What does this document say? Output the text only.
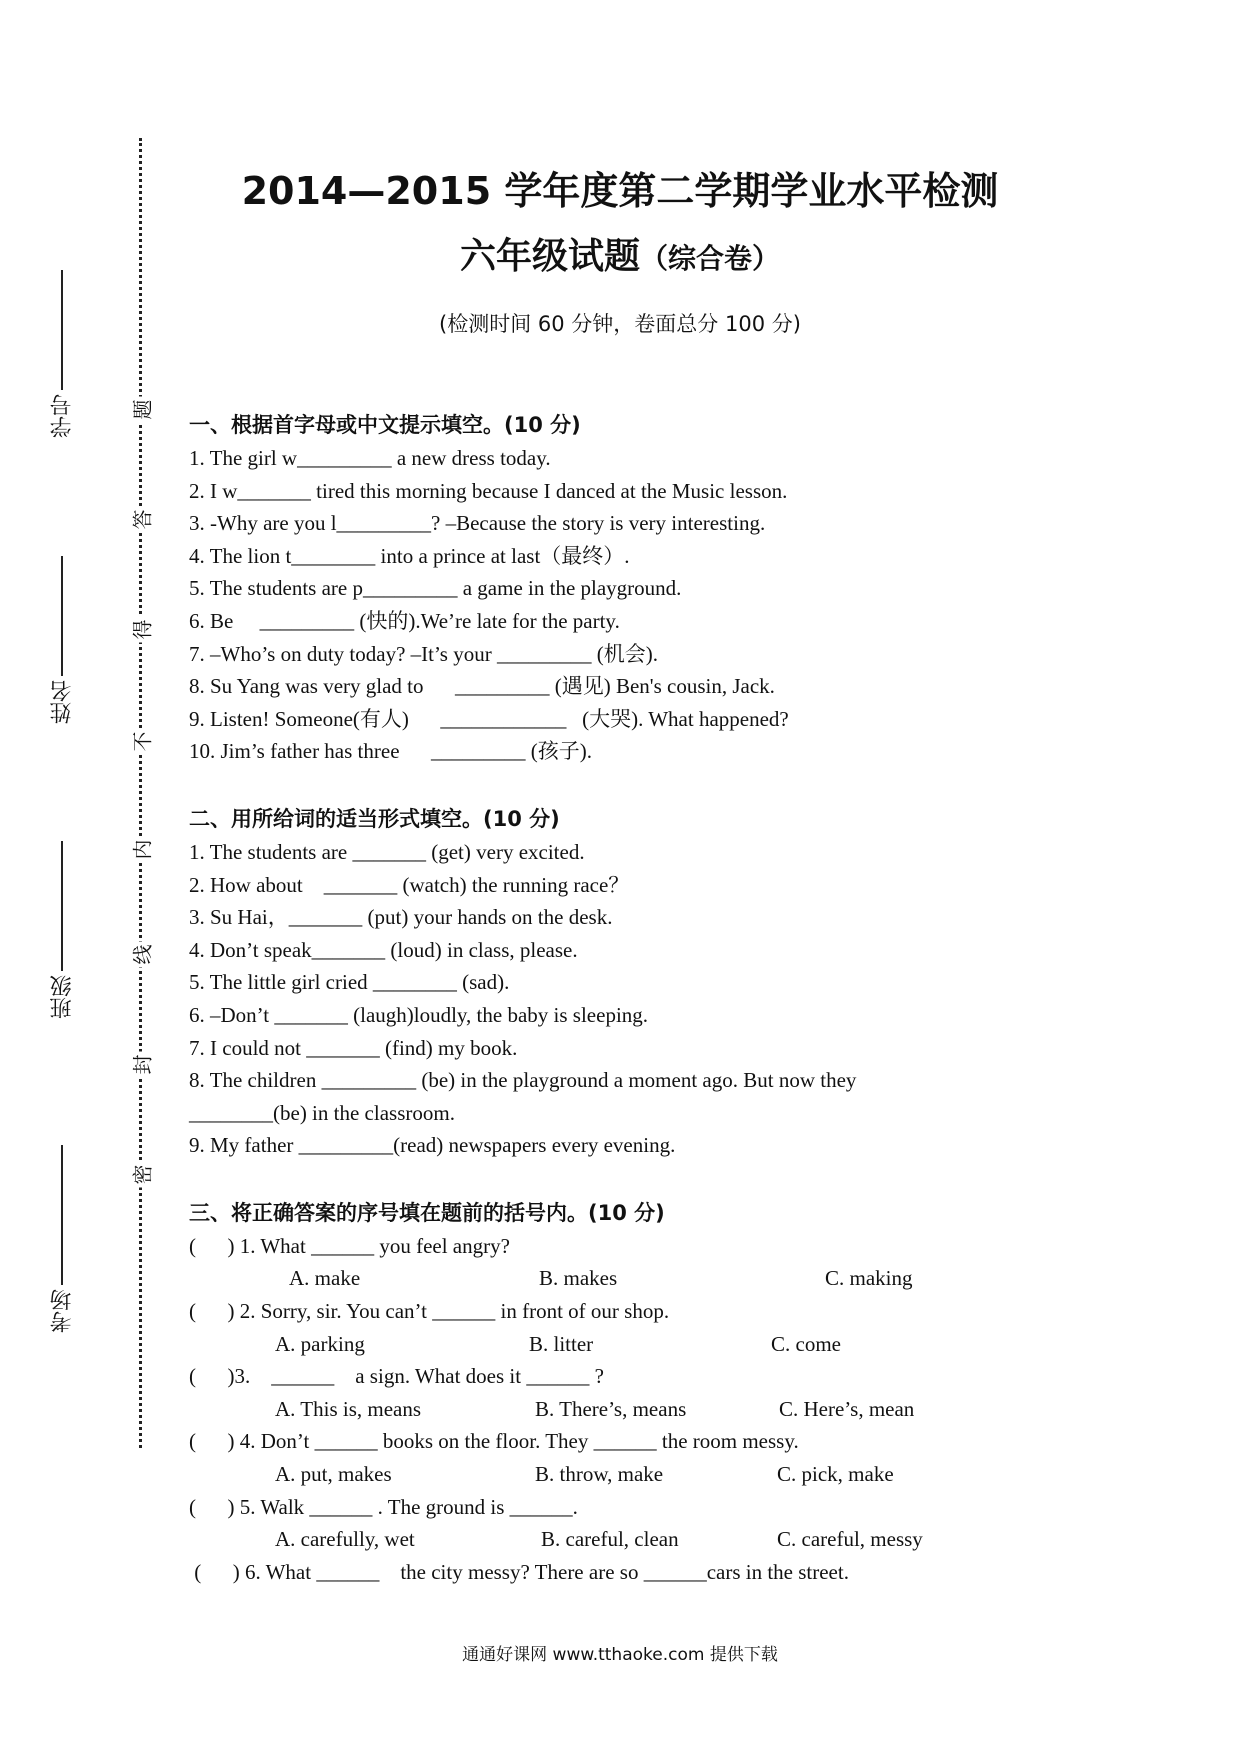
学号
姓名
班级
考场
题
答
得
不
内
线
封
密
2014—2015 学年度第二学期学业水平检测
六年级试题（综合卷）
(检测时间 60 分钟，卷面总分 100 分)
一、根据首字母或中文提示填空。(10 分)
1. The girl w_________ a new dress today.
2. I w_______ tired this morning because I danced at the Music lesson.
3. -Why are you l_________? –Because the story is very interesting.
4. The lion t________ into a prince at last（最终）.
5. The students are p_________ a game in the playground.
6. Be     _________ (快的).We’re late for the party.
7. –Who’s on duty today? –It’s your _________ (机会).
8. Su Yang was very glad to      _________ (遇见) Ben's cousin, Jack.
9. Listen! Someone(有人)      ____________   (大哭). What happened?
10. Jim’s father has three      _________ (孩子).
二、用所给词的适当形式填空。(10 分)
1. The students are _______ (get) very excited.
2. How about    _______ (watch) the running race？
3. Su Hai，_______ (put) your hands on the desk.
4. Don’t speak_______ (loud) in class, please.
5. The little girl cried ________ (sad).
6. –Don’t _______ (laugh)loudly, the baby is sleeping.
7. I could not _______ (find) my book.
8. The children _________ (be) in the playground a moment ago. But now they
________(be) in the classroom.
9. My father _________(read) newspapers every evening.
三、将正确答案的序号填在题前的括号内。(10 分)
(      ) 1. What ______ you feel angry?

A. make

	B. makes

	C. making

(      ) 2. Sorry, sir. You can’t ______ in front of our shop.

A. parking

	B. litter

	C. come

(      )3.    ______    a sign. What does it ______ ?

A. This is, means

	B. There’s, means

	C. Here’s, mean

(      ) 4. Don’t ______ books on the floor. They ______ the room messy.

A. put, makes

	B. throw, make

	C. pick, make

(      ) 5. Walk ______ . The ground is ______.

A. carefully, wet

	B. careful, clean

	C. careful, messy

(      ) 6. What ______    the city messy? There are so ______cars in the street.
通通好课网 www.tthaoke.com 提供下载
